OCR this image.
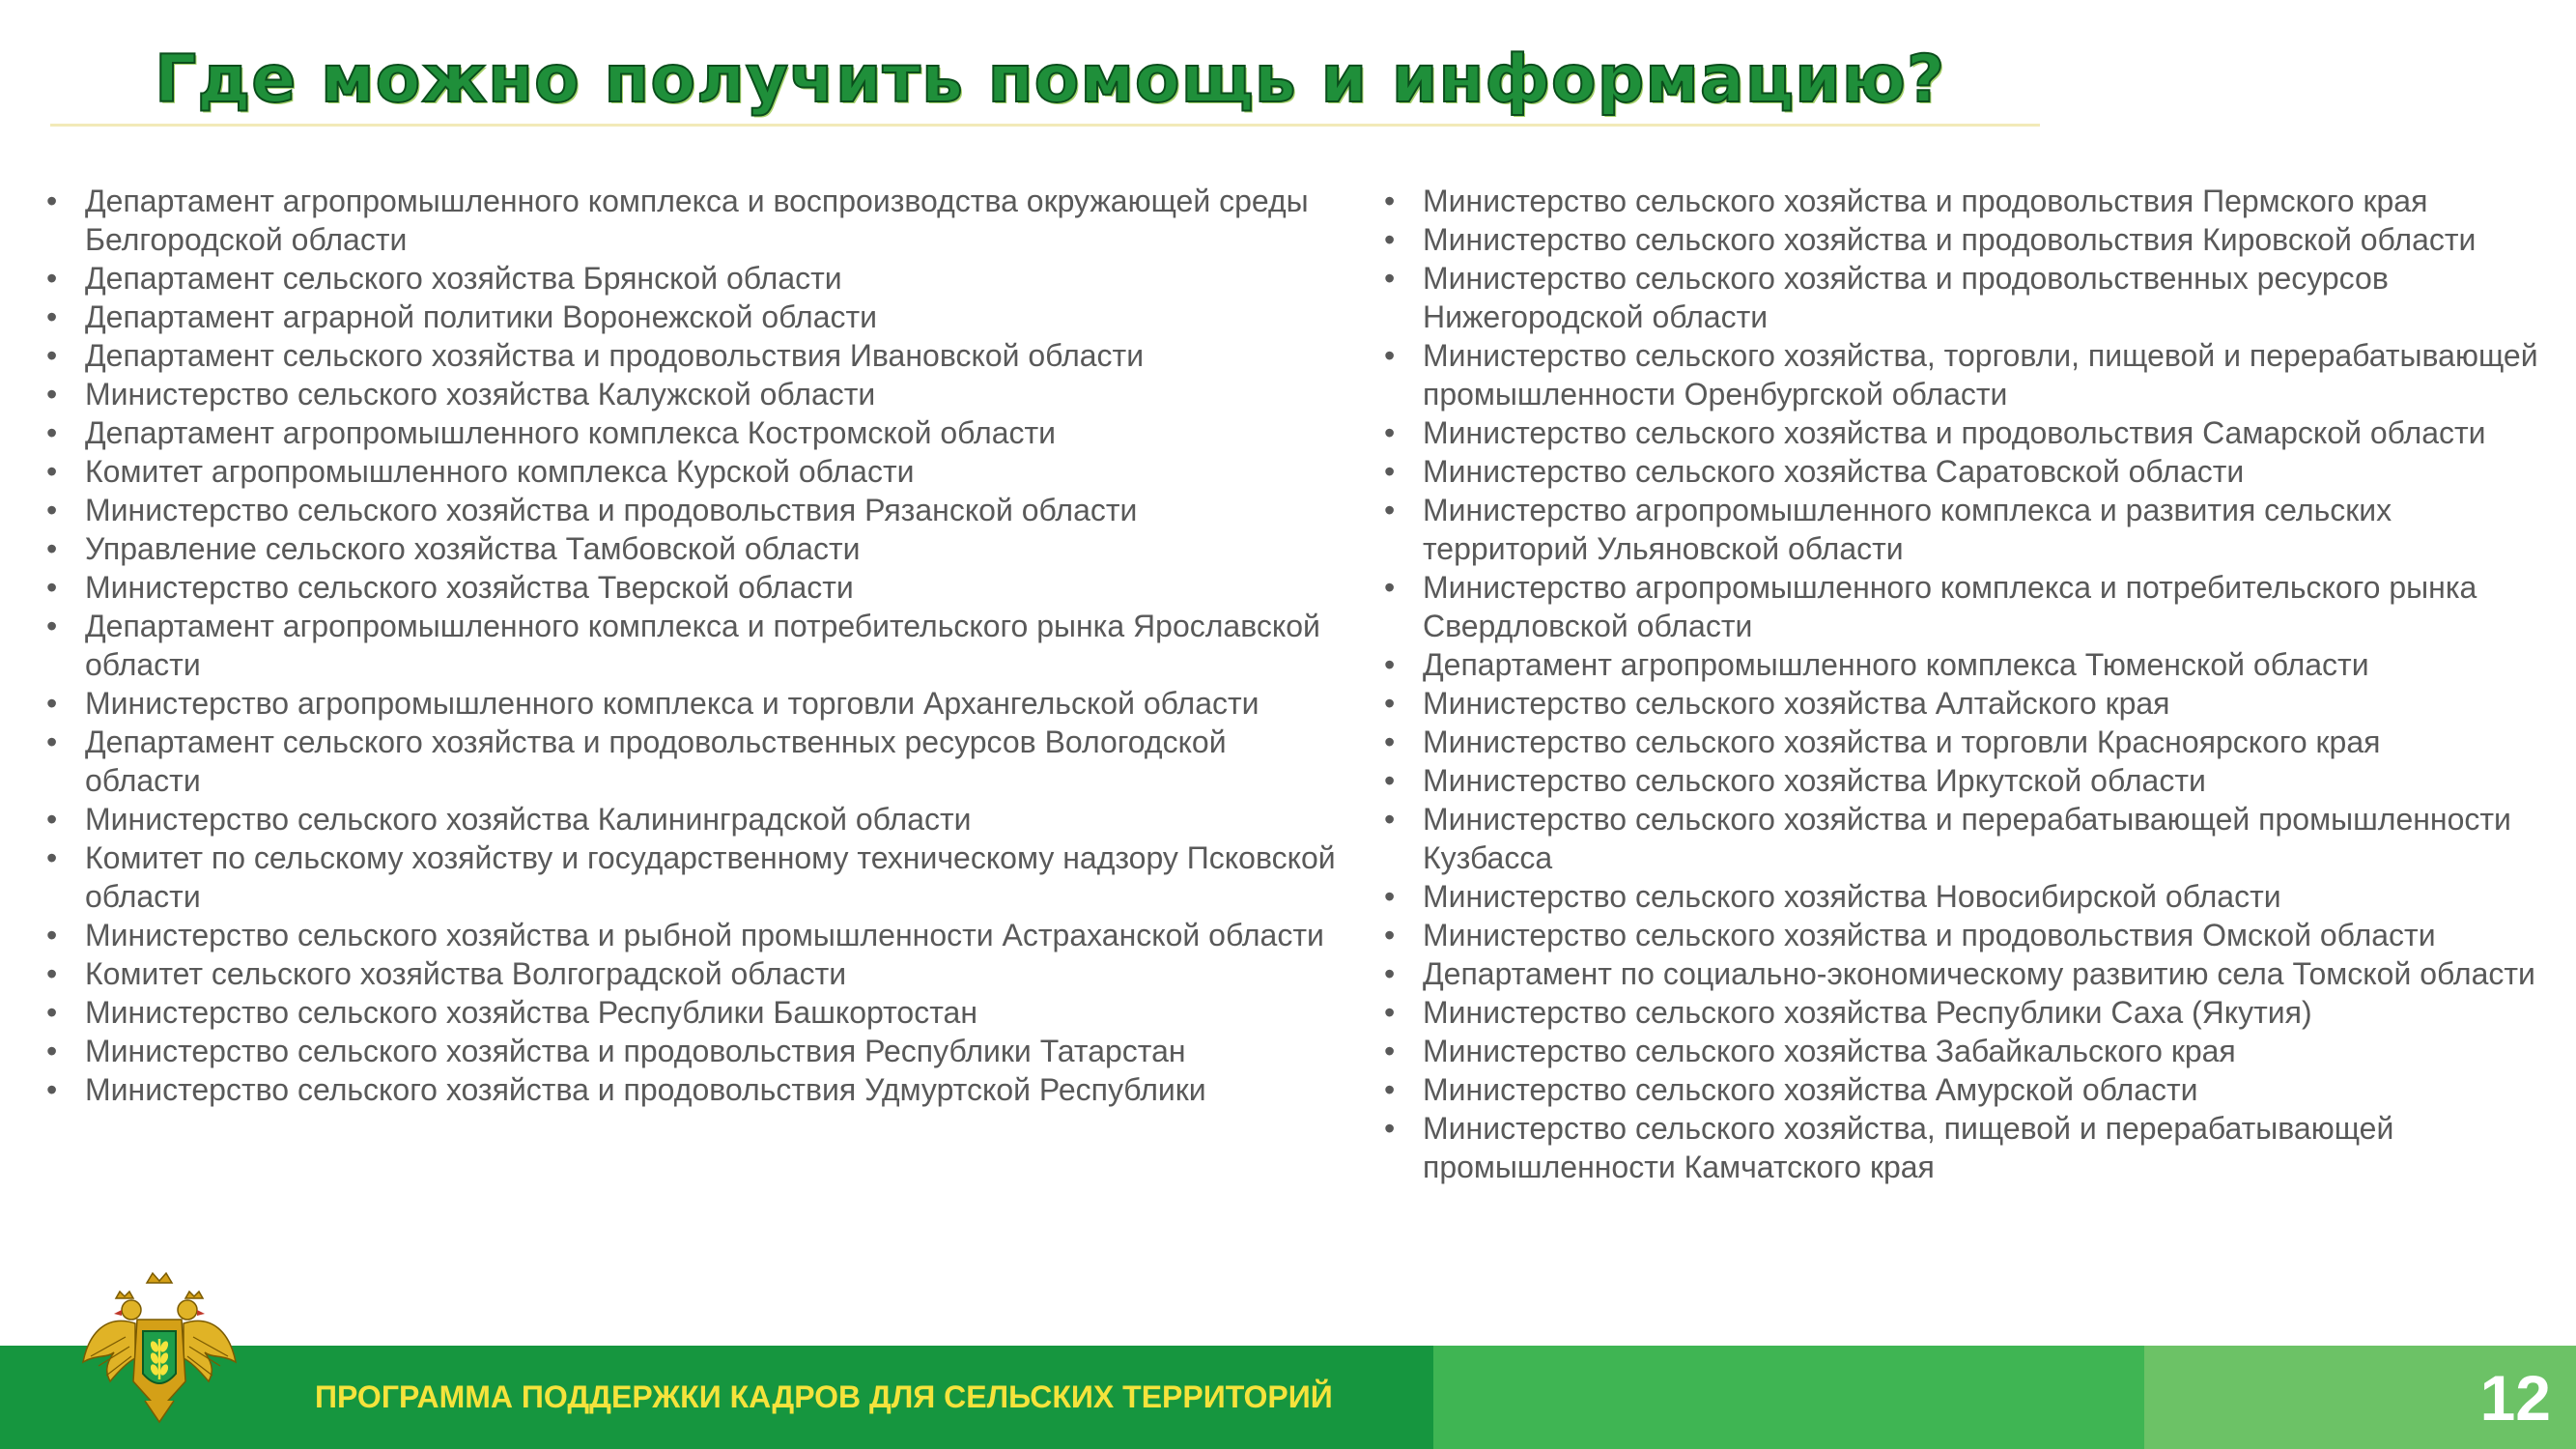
Где можно получить помощь и информацию?
• Департамент агропромышленного комплекса и воспроизводства окружающей среды Белгородской области
• Департамент сельского хозяйства Брянской области
• Департамент аграрной политики Воронежской области
• Департамент сельского хозяйства и продовольствия Ивановской области
• Министерство сельского хозяйства Калужской области
• Департамент агропромышленного комплекса Костромской области
• Комитет агропромышленного комплекса Курской области
• Министерство сельского хозяйства и продовольствия Рязанской области
• Управление сельского хозяйства Тамбовской области
• Министерство сельского хозяйства Тверской области
• Департамент агропромышленного комплекса и потребительского рынка Ярославской области
• Министерство агропромышленного комплекса и торговли Архангельской области
• Департамент сельского хозяйства и продовольственных ресурсов Вологодской области
• Министерство сельского хозяйства Калининградской области
• Комитет по сельскому хозяйству и государственному техническому надзору Псковской области
• Министерство сельского хозяйства и рыбной промышленности Астраханской области
• Комитет сельского хозяйства Волгоградской области
• Министерство сельского хозяйства Республики Башкортостан
• Министерство сельского хозяйства и продовольствия Республики Татарстан
• Министерство сельского хозяйства и продовольствия Удмуртской Республики
• Министерство сельского хозяйства и продовольствия Пермского края
• Министерство сельского хозяйства и продовольствия Кировской области
• Министерство сельского хозяйства и продовольственных ресурсов Нижегородской области
• Министерство сельского хозяйства, торговли, пищевой и перерабатывающей промышленности Оренбургской области
• Министерство сельского хозяйства и продовольствия Самарской области
• Министерство сельского хозяйства Саратовской области
• Министерство агропромышленного комплекса и развития сельских территорий Ульяновской области
• Министерство агропромышленного комплекса и потребительского рынка Свердловской области
• Департамент агропромышленного комплекса Тюменской области
• Министерство сельского хозяйства Алтайского края
• Министерство сельского хозяйства и торговли Красноярского края
• Министерство сельского хозяйства Иркутской области
• Министерство сельского хозяйства и перерабатывающей промышленности Кузбасса
• Министерство сельского хозяйства Новосибирской области
• Министерство сельского хозяйства и продовольствия Омской области
• Департамент по социально-экономическому развитию села Томской области
• Министерство сельского хозяйства Республики Саха (Якутия)
• Министерство сельского хозяйства Забайкальского края
• Министерство сельского хозяйства Амурской области
• Министерство сельского хозяйства, пищевой и перерабатывающей промышленности Камчатского края

ПРОГРАММА ПОДДЕРЖКИ КАДРОВ ДЛЯ СЕЛЬСКИХ ТЕРРИТОРИЙ	12
